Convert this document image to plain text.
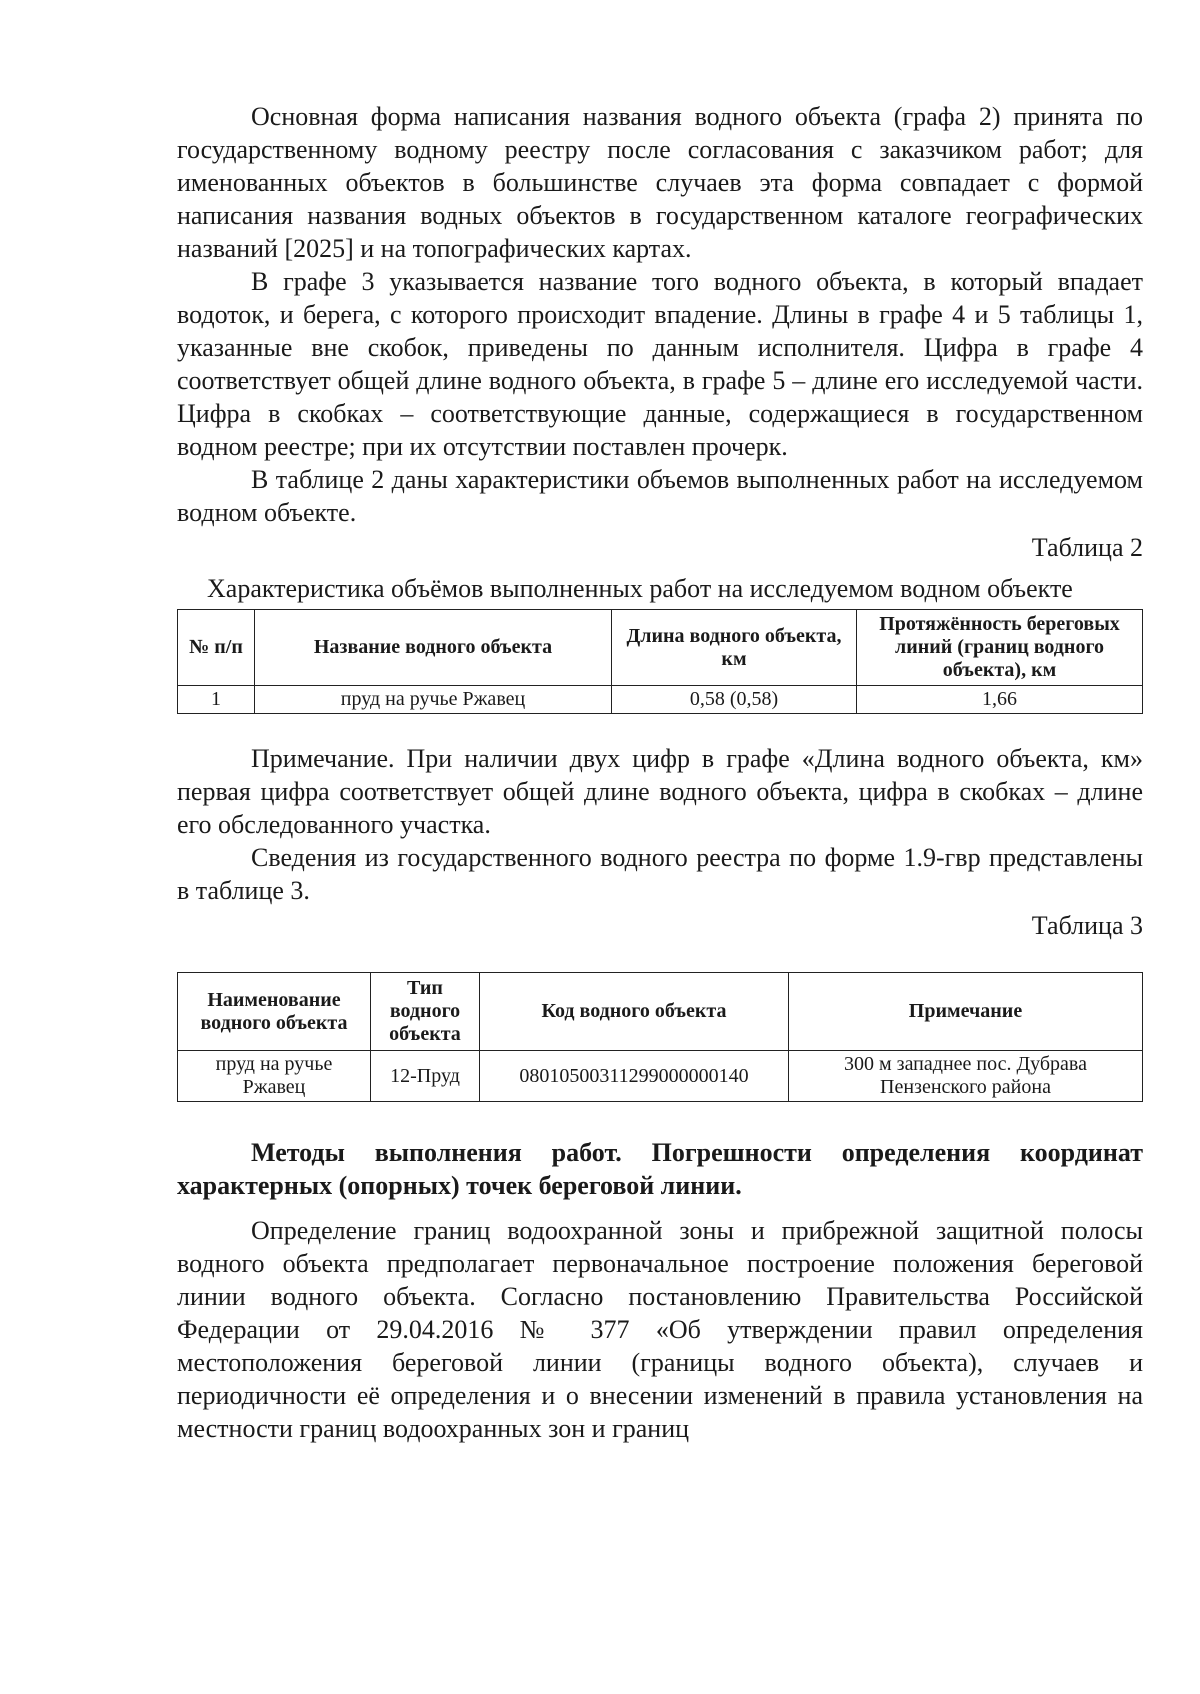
Основная форма написания названия водного объекта (графа 2) принята по государственному водному реестру после согласования с заказчиком работ; для именованных объектов в большинстве случаев эта форма совпадает с формой написания названия водных объектов в государственном каталоге географических названий [2025] и на топографических картах.

В графе 3 указывается название того водного объекта, в который впадает водоток, и берега, с которого происходит впадение. Длины в графе 4 и 5 таблицы 1, указанные вне скобок, приведены по данным исполнителя. Цифра в графе 4 соответствует общей длине водного объекта, в графе 5 – длине его исследуемой части. Цифра в скобках – соответствующие данные, содержащиеся в государственном водном реестре; при их отсутствии поставлен прочерк.

В таблице 2 даны характеристики объемов выполненных работ на исследуемом водном объекте.

Таблица 2

Характеристика объёмов выполненных работ на исследуемом водном объекте

№ п/п	Название водного объекта	Длина водного объекта, км	Протяжённость береговых линий (границ водного объекта), км
1	пруд на ручье Ржавец	0,58 (0,58)	1,66

Примечание. При наличии двух цифр в графе «Длина водного объекта, км» первая цифра соответствует общей длине водного объекта, цифра в скобках – длине его обследованного участка.

Сведения из государственного водного реестра по форме 1.9-гвр представлены в таблице 3.

Таблица 3

Наименование водного объекта	Тип водного объекта	Код водного объекта	Примечание
пруд на ручье Ржавец	12-Пруд	08010500311299000000140	300 м западнее пос. Дубрава Пензенского района

Методы выполнения работ. Погрешности определения координат характерных (опорных) точек береговой линии.

Определение границ водоохранной зоны и прибрежной защитной полосы водного объекта предполагает первоначальное построение положения береговой линии водного объекта. Согласно постановлению Правительства Российской Федерации от 29.04.2016 № 377 «Об утверждении правил определения местоположения береговой линии (границы водного объекта), случаев и периодичности её определения и о внесении изменений в правила установления на местности границ водоохранных зон и границ
